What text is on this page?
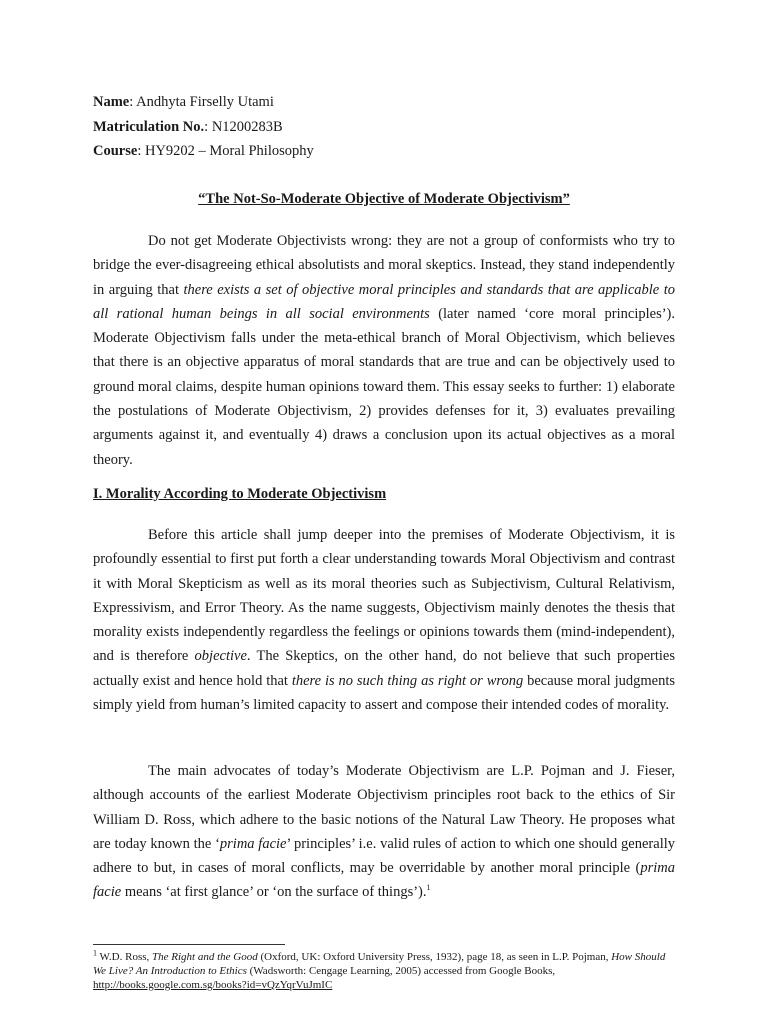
Name: Andhyta Firselly Utami
Matriculation No.: N1200283B
Course: HY9202 – Moral Philosophy
“The Not-So-Moderate Objective of Moderate Objectivism”

Do not get Moderate Objectivists wrong: they are not a group of conformists who try to bridge the ever-disagreeing ethical absolutists and moral skeptics. Instead, they stand independently in arguing that there exists a set of objective moral principles and standards that are applicable to all rational human beings in all social environments (later named ‘core moral principles’). Moderate Objectivism falls under the meta-ethical branch of Moral Objectivism, which believes that there is an objective apparatus of moral standards that are true and can be objectively used to ground moral claims, despite human opinions toward them. This essay seeks to further: 1) elaborate the postulations of Moderate Objectivism, 2) provides defenses for it, 3) evaluates prevailing arguments against it, and eventually 4) draws a conclusion upon its actual objectives as a moral theory.

I. Morality According to Moderate Objectivism

Before this article shall jump deeper into the premises of Moderate Objectivism, it is profoundly essential to first put forth a clear understanding towards Moral Objectivism and contrast it with Moral Skepticism as well as its moral theories such as Subjectivism, Cultural Relativism, Expressivism, and Error Theory. As the name suggests, Objectivism mainly denotes the thesis that morality exists independently regardless the feelings or opinions towards them (mind-independent), and is therefore objective. The Skeptics, on the other hand, do not believe that such properties actually exist and hence hold that there is no such thing as right or wrong because moral judgments simply yield from human’s limited capacity to assert and compose their intended codes of morality.

The main advocates of today’s Moderate Objectivism are L.P. Pojman and J. Fieser, although accounts of the earliest Moderate Objectivism principles root back to the ethics of Sir William D. Ross, which adhere to the basic notions of the Natural Law Theory. He proposes what are today known the ‘prima facie’ principles’ i.e. valid rules of action to which one should generally adhere to but, in cases of moral conflicts, may be overridable by another moral principle (prima facie means ‘at first glance’ or ‘on the surface of things’).$^1$

$^1$ W.D. Ross, The Right and the Good (Oxford, UK: Oxford University Press, 1932), page 18, as seen in L.P. Pojman, How Should We Live? An Introduction to Ethics (Wadsworth: Cengage Learning, 2005) accessed from Google Books, http://books.google.com.sg/books?id=vQzYqrVuJmIC
